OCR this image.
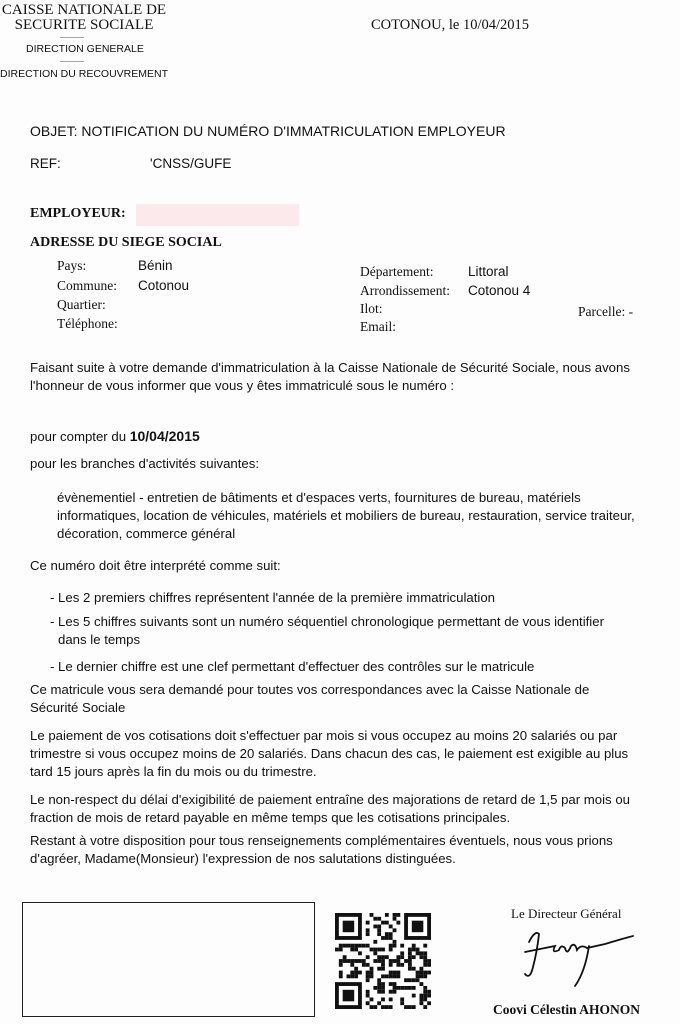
CAISSE NATIONALE DE
SECURITE SOCIALE
------------
DIRECTION GENERALE
------------
DIRECTION DU RECOUVREMENT
COTONOU, le 10/04/2015
OBJET: NOTIFICATION DU NUMÉRO D'IMMATRICULATION EMPLOYEUR
REF:	'CNSS/GUFE
EMPLOYEUR:
ADRESSE DU SIEGE SOCIAL
Pays:	Bénin
Commune: Cotonou
Quartier:
Téléphone:
Département:	Littoral
Arrondissement: Cotonou 4
Ilot:
Email:
Parcelle: -
Faisant suite à votre demande d'immatriculation à la Caisse Nationale de Sécurité Sociale, nous avons
l'honneur de vous informer que vous y êtes immatriculé sous le numéro :
pour compter du 10/04/2015
pour les branches d'activités suivantes:
évènementiel - entretien de bâtiments et d'espaces verts, fournitures de bureau, matériels
informatiques, location de véhicules, matériels et mobiliers de bureau, restauration, service traiteur,
décoration, commerce général
Ce numéro doit être interprété comme suit:
- Les 2 premiers chiffres représentent l'année de la première immatriculation
- Les 5 chiffres suivants sont un numéro séquentiel chronologique permettant de vous identifier
dans le temps
- Le dernier chiffre est une clef permettant d'effectuer des contrôles sur le matricule
Ce matricule vous sera demandé pour toutes vos correspondances avec la Caisse Nationale de
Sécurité Sociale
Le paiement de vos cotisations doit s'effectuer par mois si vous occupez au moins 20 salariés ou par
trimestre si vous occupez moins de 20 salariés. Dans chacun des cas, le paiement est exigible au plus
tard 15 jours après la fin du mois ou du trimestre.
Le non-respect du délai d'exigibilité de paiement entraîne des majorations de retard de 1,5 par mois ou
fraction de mois de retard payable en même temps que les cotisations principales.
Restant à votre disposition pour tous renseignements complémentaires éventuels, nous vous prions
d'agréer, Madame(Monsieur) l'expression de nos salutations distinguées.
Le Directeur Général
Coovi Célestin AHONON
